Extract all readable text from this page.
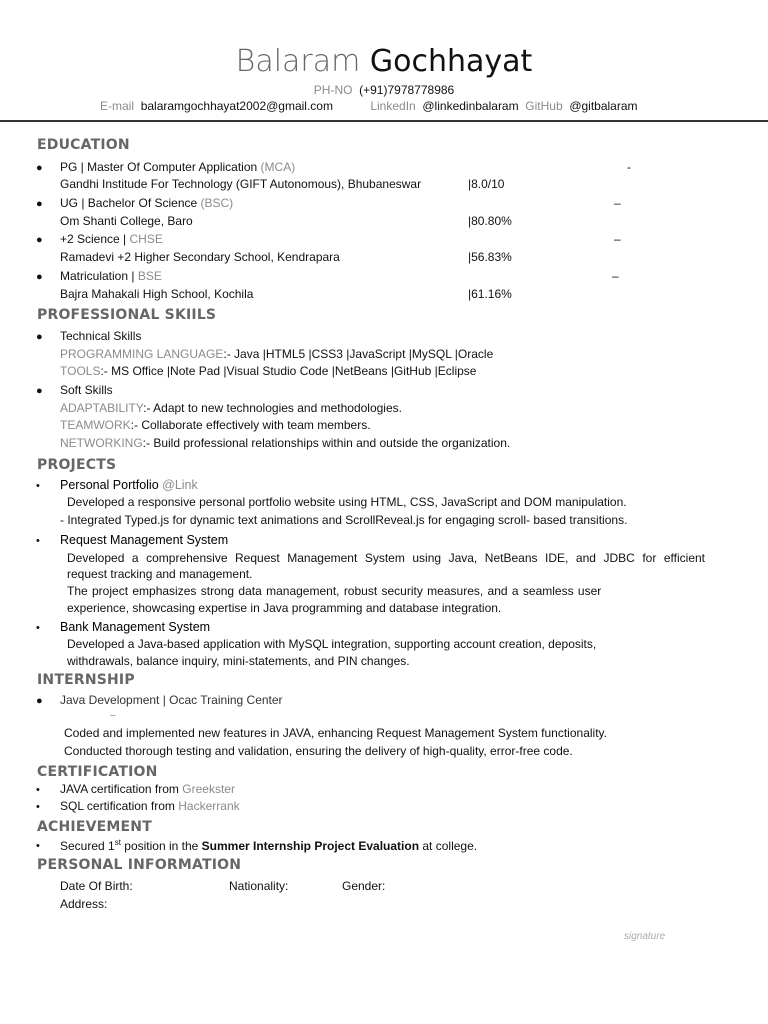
Balaram Gochhayat
PH-NO (+91)7978778986
E-mail balaramgochhayat2002@gmail.com	LinkedIn @linkedinbalaram GitHub @gitbalaram
EDUCATION
● PG | Master Of Computer Application (MCA)	-
Gandhi Institude For Technology (GIFT Autonomous), Bhubaneswar	|8.0/10
● UG | Bachelor Of Science (BSC)	–
Om Shanti College, Baro	|80.80%
● +2 Science | CHSE	–
Ramadevi +2 Higher Secondary School, Kendrapara	|56.83%
● Matriculation | BSE	–
Bajra Mahakali High School, Kochila	|61.16%
PROFESSIONAL SKIILS
● Technical Skills
PROGRAMMING LANGUAGE:- Java |HTML5 |CSS3 |JavaScript |MySQL |Oracle
TOOLS:- MS Office |Note Pad |Visual Studio Code |NetBeans |GitHub |Eclipse
● Soft Skills
ADAPTABILITY:- Adapt to new technologies and methodologies.
TEAMWORK:- Collaborate effectively with team members.
NETWORKING:- Build professional relationships within and outside the organization.
PROJECTS
• Personal Portfolio @Link
Developed a responsive personal portfolio website using HTML, CSS, JavaScript and DOM manipulation.
- Integrated Typed.js for dynamic text animations and ScrollReveal.js for engaging scroll- based transitions.
• Request Management System
Developed a comprehensive Request Management System using Java, NetBeans IDE, and JDBC for efficient
request tracking and management.
The project emphasizes strong data management, robust security measures, and a seamless user
experience, showcasing expertise in Java programming and database integration.
• Bank Management System
Developed a Java-based application with MySQL integration, supporting account creation, deposits,
withdrawals, balance inquiry, mini-statements, and PIN changes.
INTERNSHIP
● Java Development | Ocac Training Center
–
Coded and implemented new features in JAVA, enhancing Request Management System functionality.
Conducted thorough testing and validation, ensuring the delivery of high-quality, error-free code.
CERTIFICATION
• JAVA certification from Greekster
• SQL certification from Hackerrank
ACHIEVEMENT
• Secured 1st position in the Summer Internship Project Evaluation at college.
PERSONAL INFORMATION
Date Of Birth:	Nationality:	Gender:
Address:
signature
